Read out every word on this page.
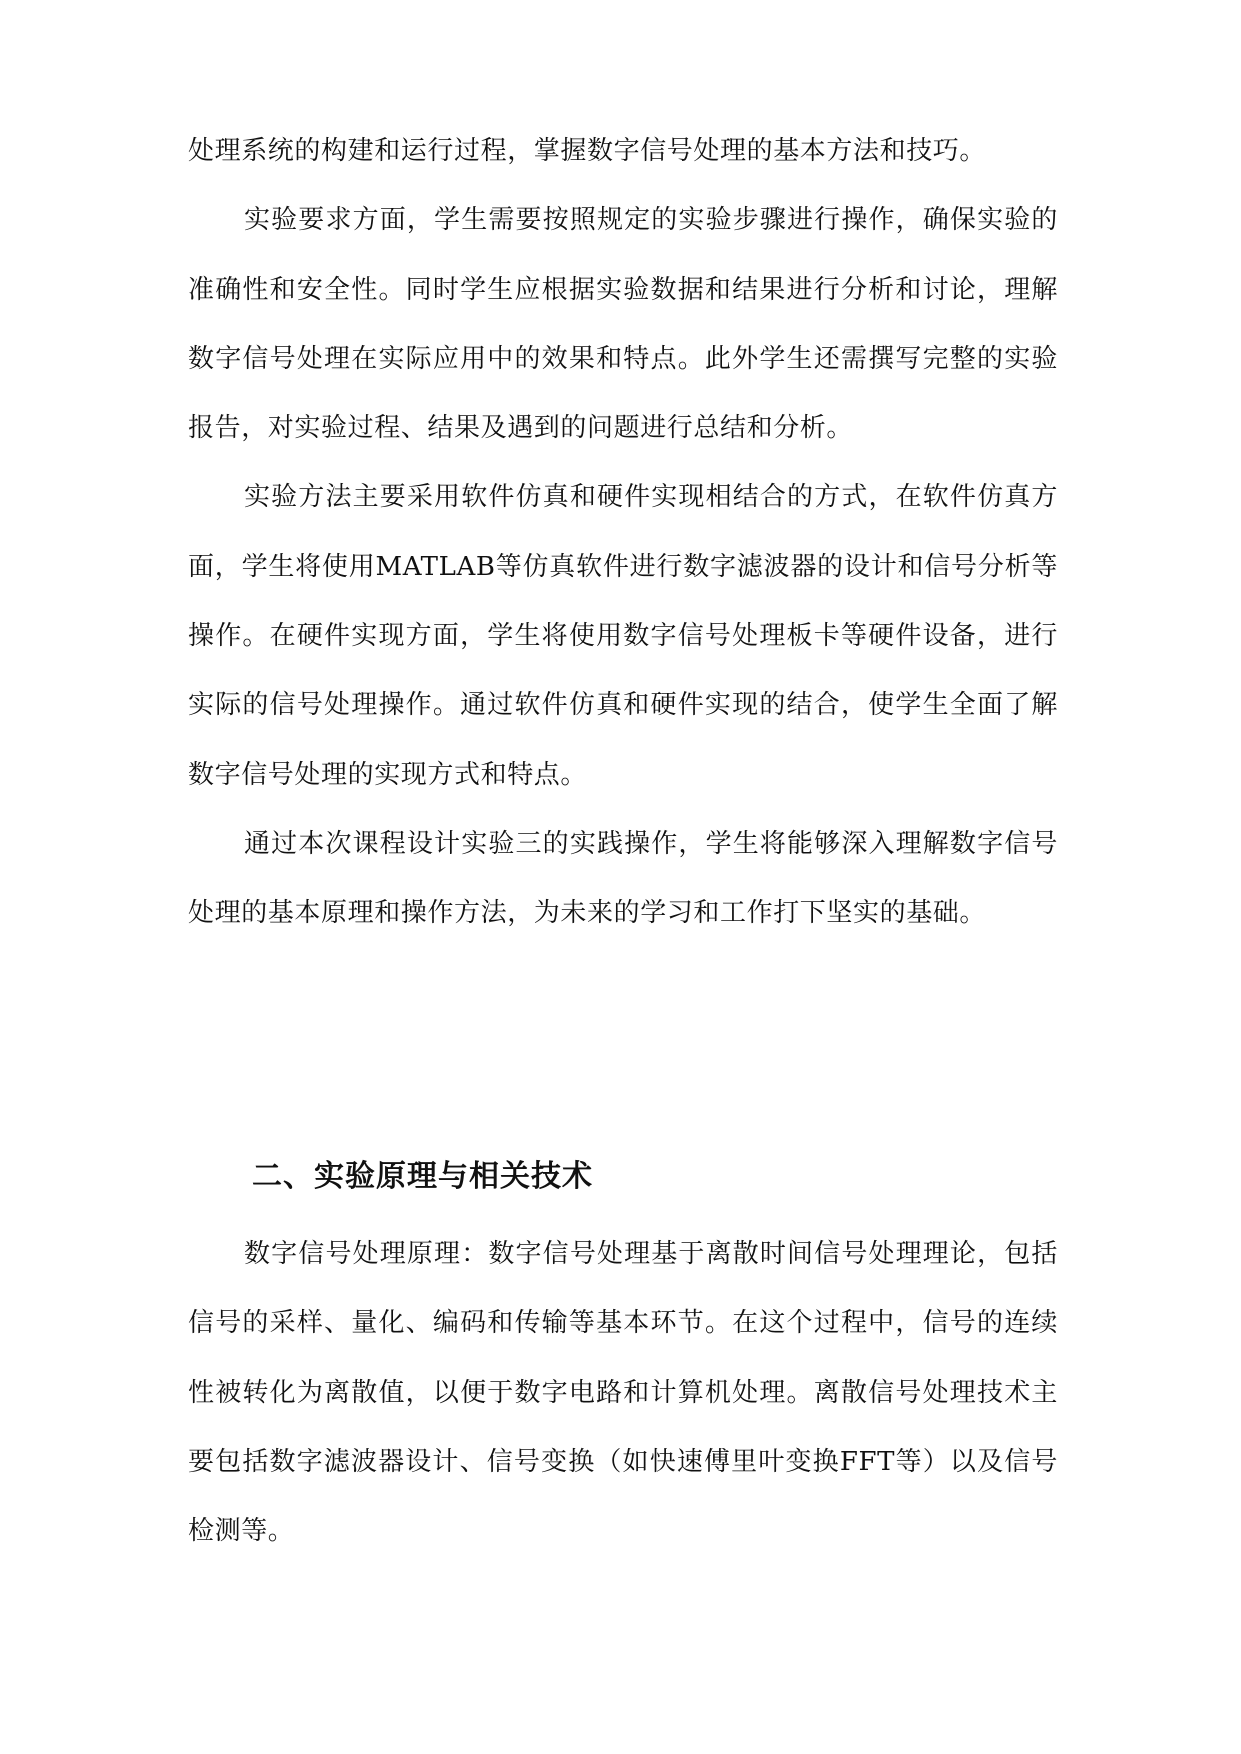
处理系统的构建和运行过程，掌握数字信号处理的基本方法和技巧。

实验要求方面，学生需要按照规定的实验步骤进行操作，确保实验的准确性和安全性。同时学生应根据实验数据和结果进行分析和讨论，理解数字信号处理在实际应用中的效果和特点。此外学生还需撰写完整的实验报告，对实验过程、结果及遇到的问题进行总结和分析。

实验方法主要采用软件仿真和硬件实现相结合的方式，在软件仿真方面，学生将使用MATLAB等仿真软件进行数字滤波器的设计和信号分析等操作。在硬件实现方面，学生将使用数字信号处理板卡等硬件设备，进行实际的信号处理操作。通过软件仿真和硬件实现的结合，使学生全面了解数字信号处理的实现方式和特点。

通过本次课程设计实验三的实践操作，学生将能够深入理解数字信号处理的基本原理和操作方法，为未来的学习和工作打下坚实的基础。

二、实验原理与相关技术

数字信号处理原理：数字信号处理基于离散时间信号处理理论，包括信号的采样、量化、编码和传输等基本环节。在这个过程中，信号的连续性被转化为离散值，以便于数字电路和计算机处理。离散信号处理技术主要包括数字滤波器设计、信号变换（如快速傅里叶变换FFT等）以及信号检测等。
